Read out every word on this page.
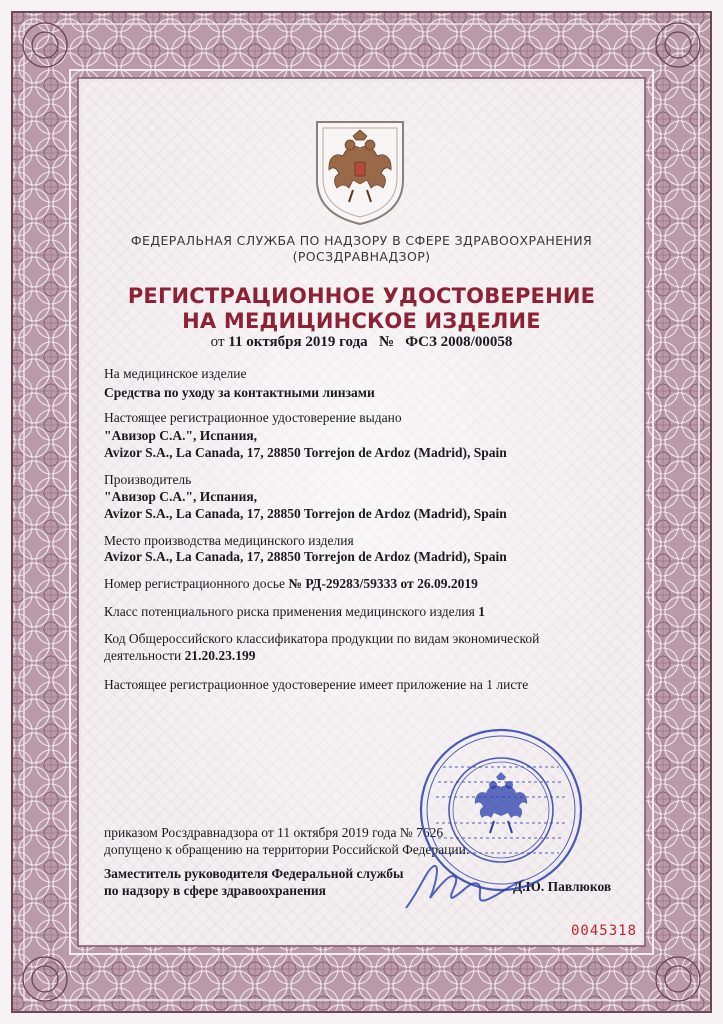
ФЕДЕРАЛЬНАЯ СЛУЖБА ПО НАДЗОРУ В СФЕРЕ ЗДРАВООХРАНЕНИЯ
(РОСЗДРАВНАДЗОР)
РЕГИСТРАЦИОННОЕ УДОСТОВЕРЕНИЕ
НА МЕДИЦИНСКОЕ ИЗДЕЛИЕ
от 11 октября 2019 года № ФСЗ 2008/00058
На медицинское изделие
Средства по уходу за контактными линзами
Настоящее регистрационное удостоверение выдано
"Авизор С.А.", Испания,
Avizor S.A., La Canada, 17, 28850 Torrejon de Ardoz (Madrid), Spain
Производитель
"Авизор С.А.", Испания,
Avizor S.A., La Canada, 17, 28850 Torrejon de Ardoz (Madrid), Spain
Место производства медицинского изделия
Avizor S.A., La Canada, 17, 28850 Torrejon de Ardoz (Madrid), Spain
Номер регистрационного досье № РД-29283/59333 от 26.09.2019
Класс потенциального риска применения медицинского изделия 1
Код Общероссийского классификатора продукции по видам экономической
деятельности 21.20.23.199
Настоящее регистрационное удостоверение имеет приложение на 1 листе
приказом Росздравнадзора от 11 октября 2019 года № 7626
допущено к обращению на территории Российской Федерации.
Заместитель руководителя Федеральной службы
по надзору в сфере здравоохранения	Д.Ю. Павлюков
0045318
